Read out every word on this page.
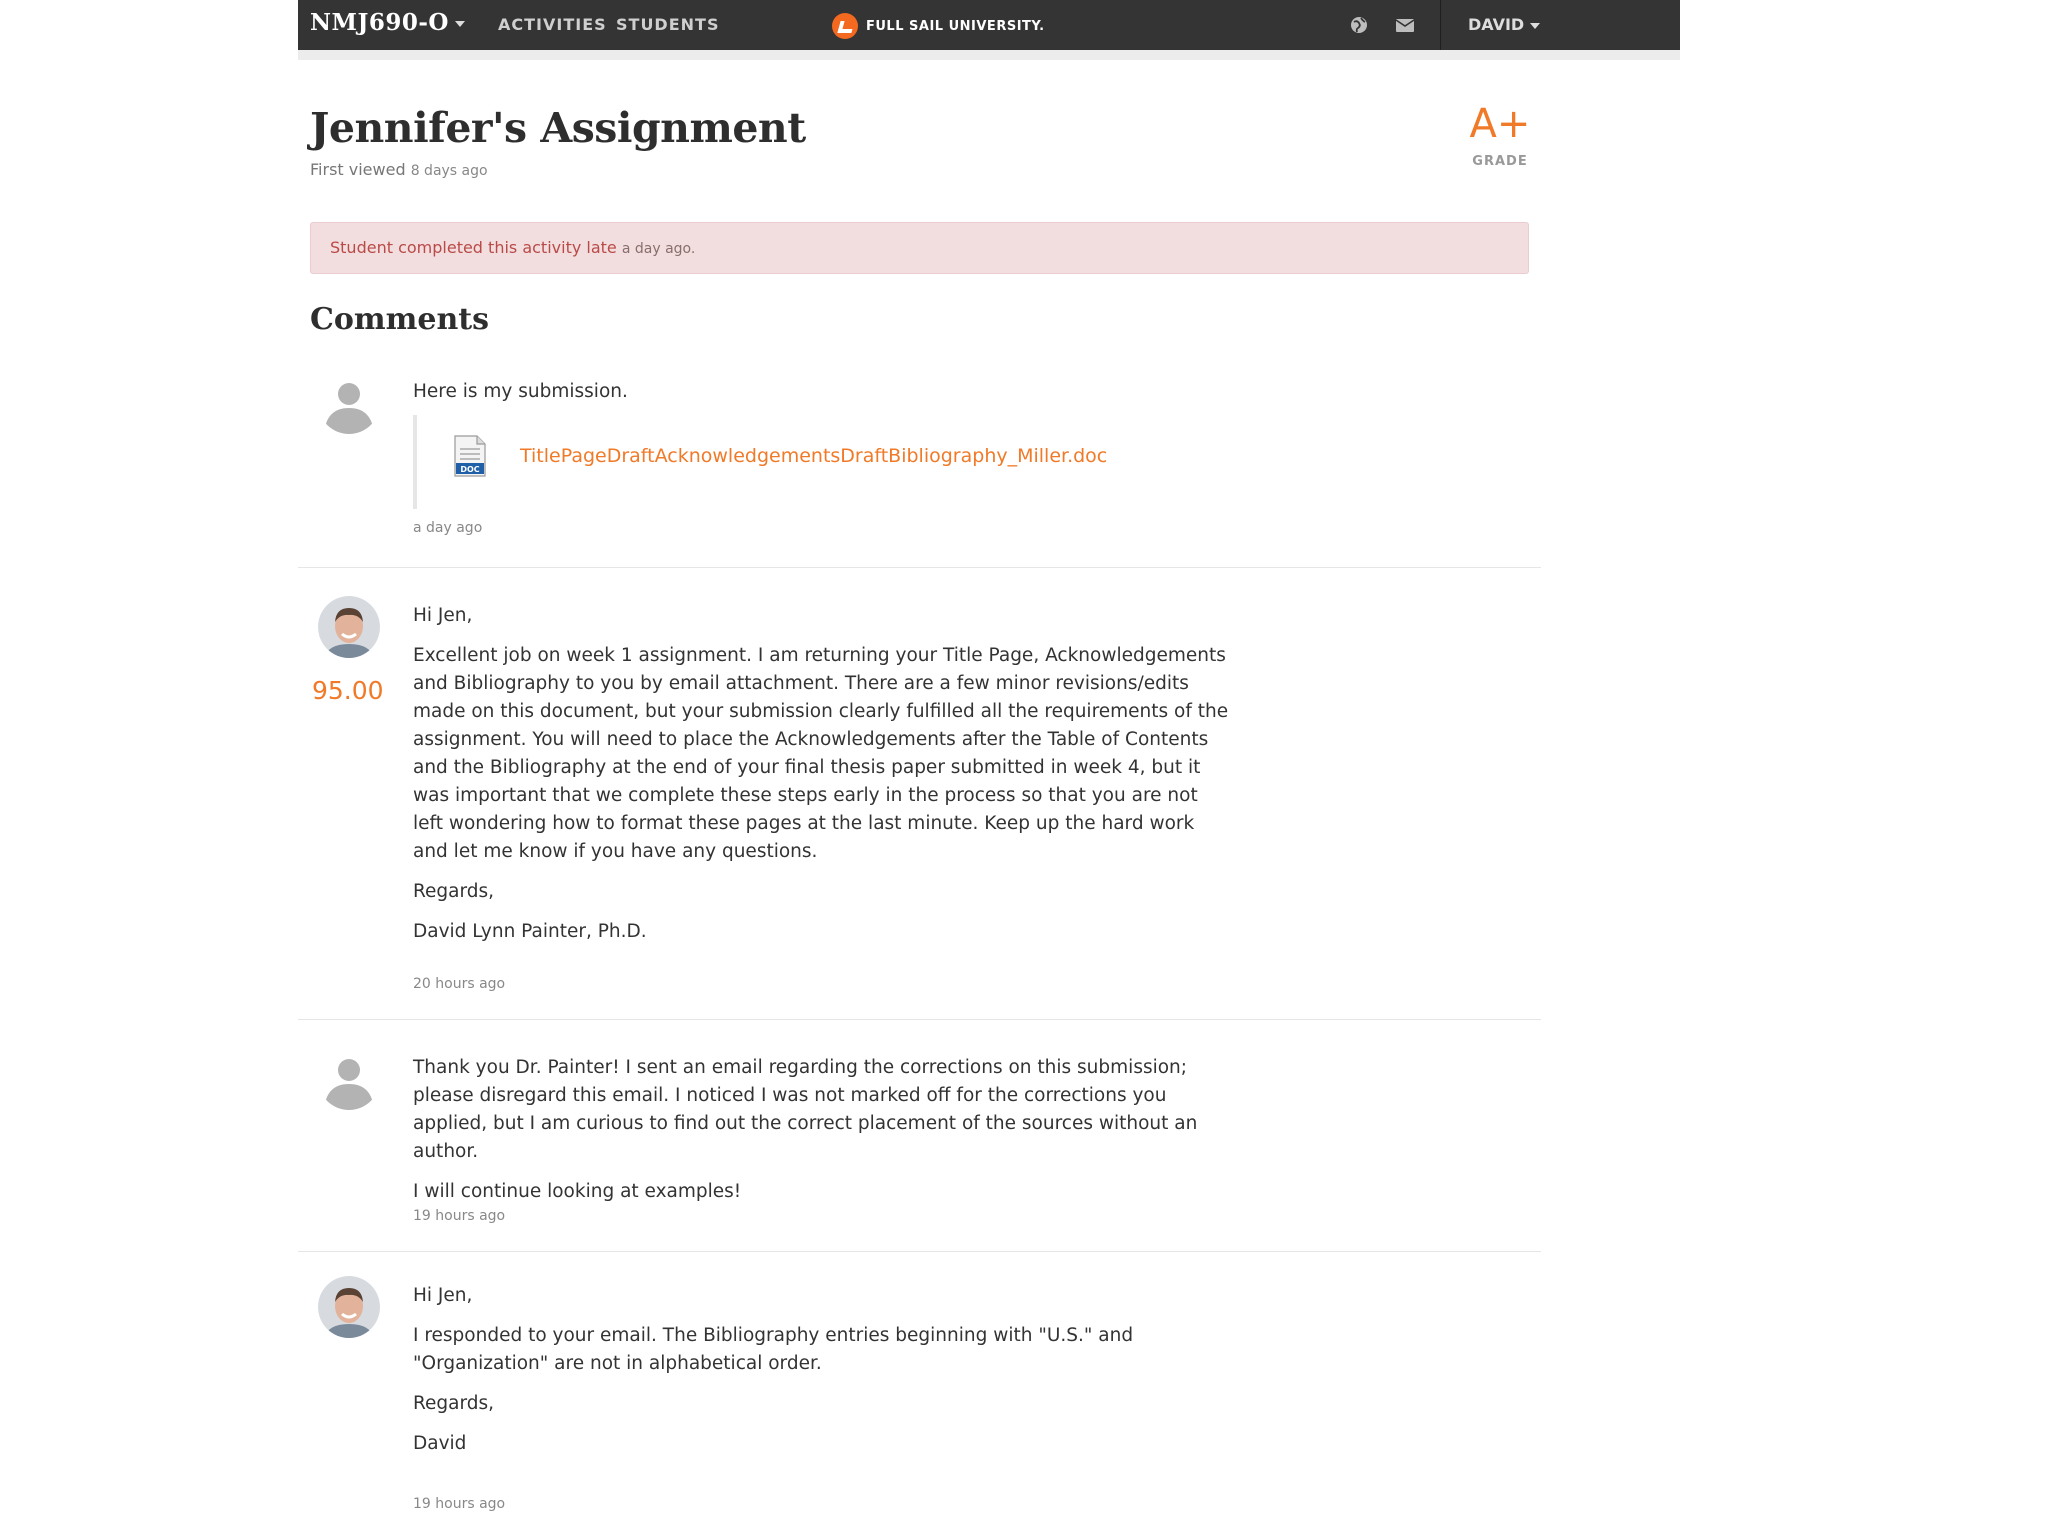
NMJ690-O	ACTIVITIES STUDENTS	FULL SAIL UNIVERSITY.	DAVID
Jennifer's Assignment
First viewed 8 days ago
A+
GRADE
Student completed this activity late a day ago.
Comments

Here is my submission.

DOC
TitlePageDraftAcknowledgementsDraftBibliography_Miller.doc
a day ago
95.00

Hi Jen,

Excellent job on week 1 assignment. I am returning your Title Page, Acknowledgements and Bibliography to you by email attachment. There are a few minor revisions/edits made on this document, but your submission clearly fulfilled all the requirements of the assignment. You will need to place the Acknowledgements after the Table of Contents and the Bibliography at the end of your final thesis paper submitted in week 4, but it was important that we complete these steps early in the process so that you are not left wondering how to format these pages at the last minute. Keep up the hard work and let me know if you have any questions.

Regards,

David Lynn Painter, Ph.D.

20 hours ago

Thank you Dr. Painter! I sent an email regarding the corrections on this submission; please disregard this email. I noticed I was not marked off for the corrections you applied, but I am curious to find out the correct placement of the sources without an author.

I will continue looking at examples!

19 hours ago

Hi Jen,

I responded to your email. The Bibliography entries beginning with "U.S." and "Organization" are not in alphabetical order.

Regards,

David

19 hours ago
